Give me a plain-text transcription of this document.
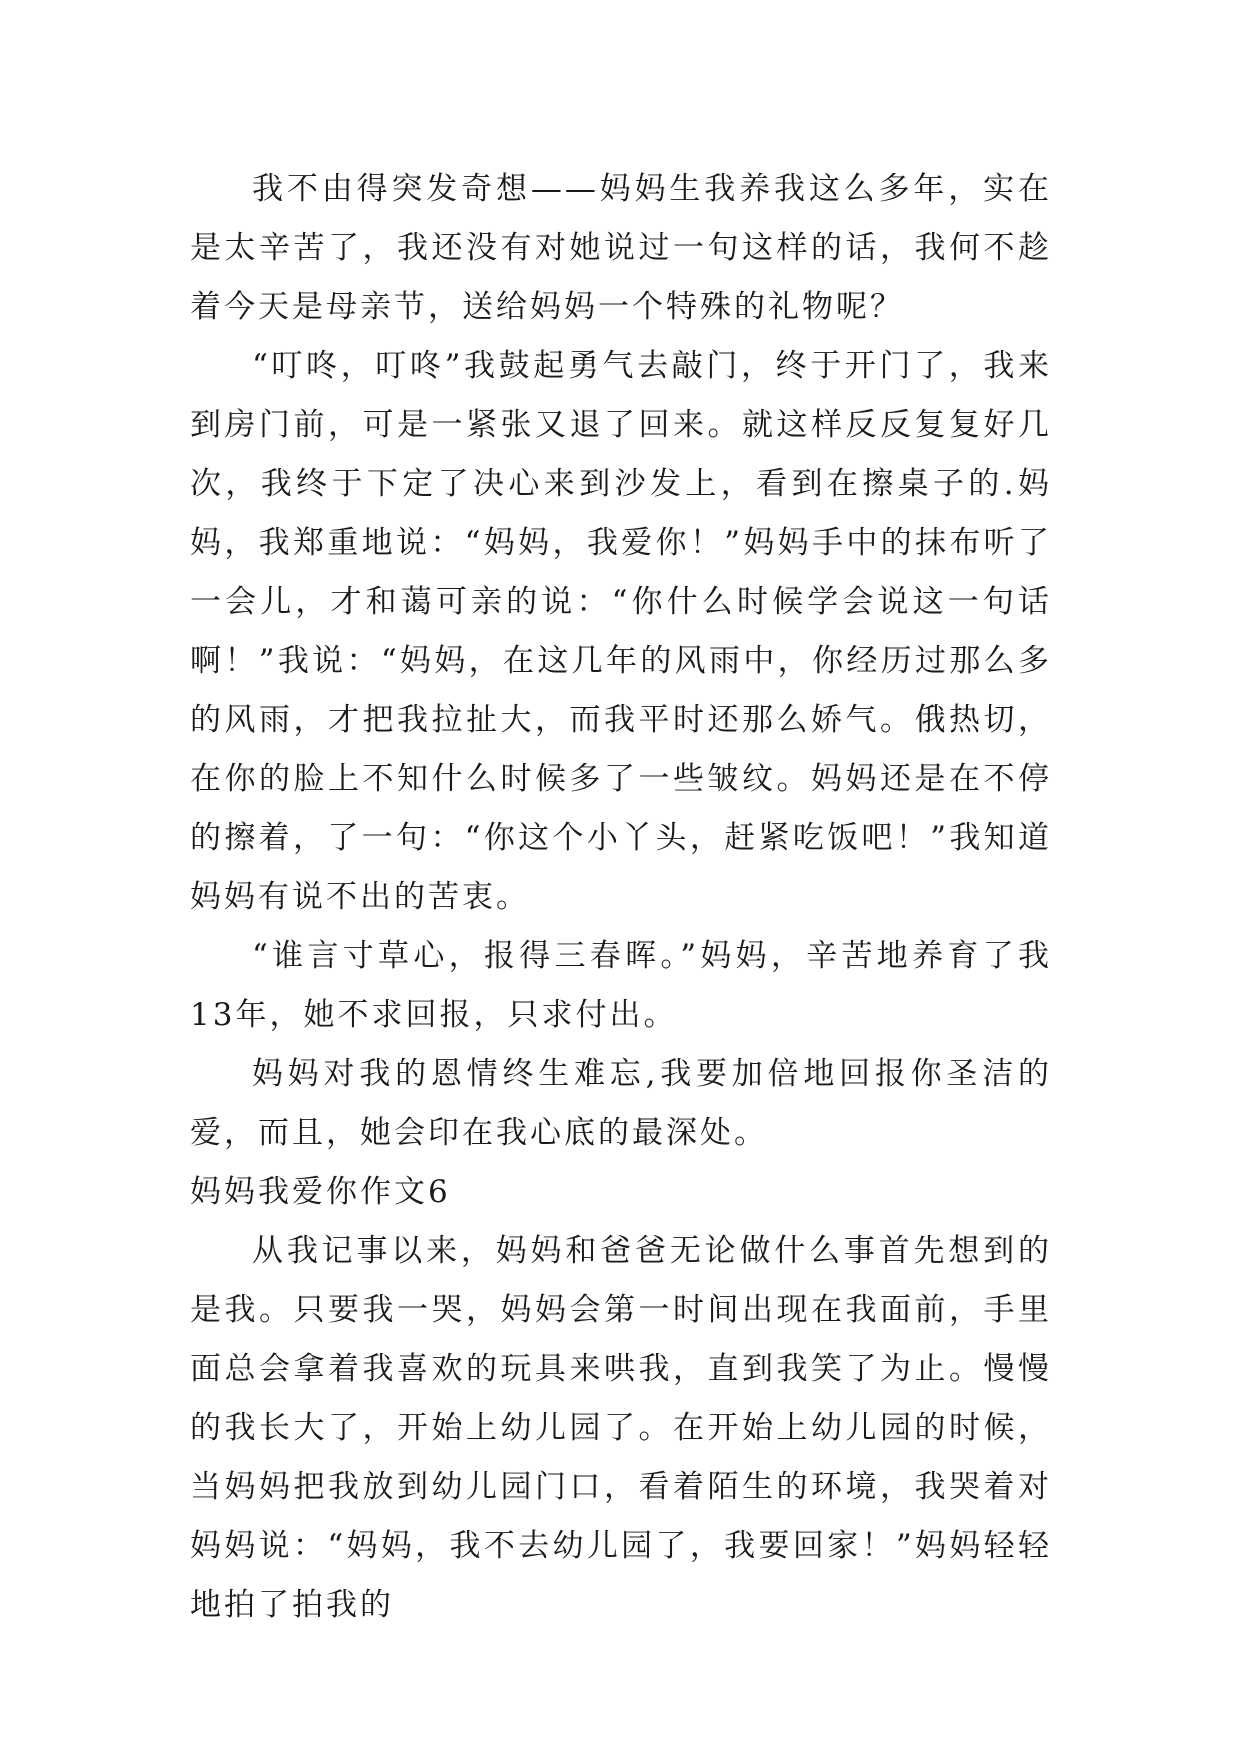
我不由得突发奇想——妈妈生我养我这么多年，实在是太辛苦了，我还没有对她说过一句这样的话，我何不趁着今天是母亲节，送给妈妈一个特殊的礼物呢？

“叮咚，叮咚”我鼓起勇气去敲门，终于开门了，我来到房门前，可是一紧张又退了回来。就这样反反复复好几次，我终于下定了决心来到沙发上，看到在擦桌子的.妈妈，我郑重地说：“妈妈，我爱你！”妈妈手中的抹布听了一会儿，才和蔼可亲的说：“你什么时候学会说这一句话啊！”我说：“妈妈，在这几年的风雨中，你经历过那么多的风雨，才把我拉扯大，而我平时还那么娇气。俄热切，在你的脸上不知什么时候多了一些皱纹。妈妈还是在不停的擦着，了一句：“你这个小丫头，赶紧吃饭吧！”我知道妈妈有说不出的苦衷。

“谁言寸草心，报得三春晖。”妈妈，辛苦地养育了我13年，她不求回报，只求付出。

妈妈对我的恩情终生难忘,我要加倍地回报你圣洁的爱，而且，她会印在我心底的最深处。

妈妈我爱你作文6

从我记事以来，妈妈和爸爸无论做什么事首先想到的是我。只要我一哭，妈妈会第一时间出现在我面前，手里面总会拿着我喜欢的玩具来哄我，直到我笑了为止。慢慢的我长大了，开始上幼儿园了。在开始上幼儿园的时候，当妈妈把我放到幼儿园门口，看着陌生的环境，我哭着对妈妈说：“妈妈，我不去幼儿园了，我要回家！”妈妈轻轻地拍了拍我的
